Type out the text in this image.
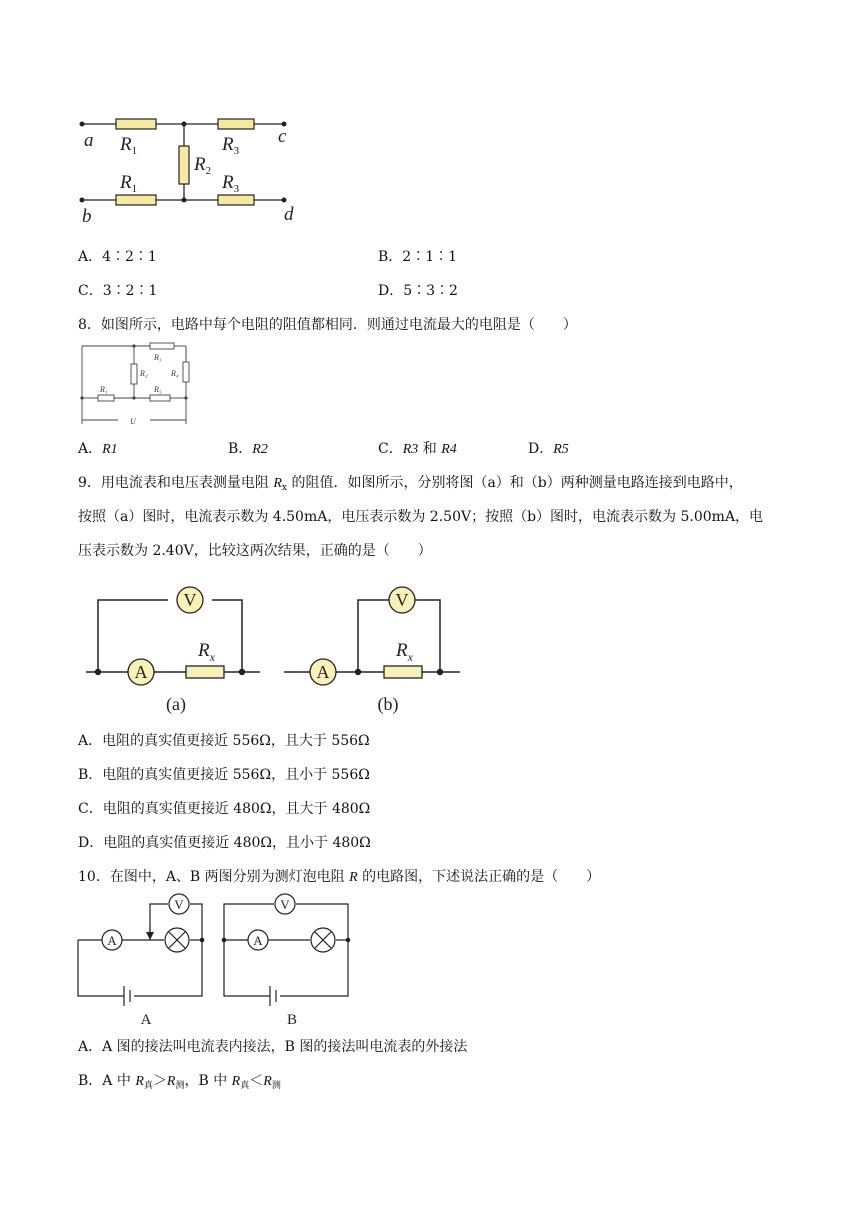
a
b
c
d
$R_1$
$R_1$
$R_2$
$R_3$
$R_3$
A．4∶2∶1	B．2∶1∶1
C．3∶2∶1	D．5∶3∶2
8．如图所示，电路中每个电阻的阻值都相同．则通过电流最大的电阻是（　　）
R₃
R₂	R₄
R₁	R₅
U
A．R1	B．R2	C．R3 和 R4	D．R5
9．用电流表和电压表测量电阻 $R_x$ 的阻值．如图所示，分别将图（a）和（b）两种测量电路连接到电路中，
按照（a）图时，电流表示数为 4.50mA，电压表示数为 2.50V；按照（b）图时，电流表示数为 5.00mA，电
压表示数为 2.40V，比较这两次结果，正确的是（　　）
V
A	A
V
(a)	(b)
$R_x$	$R_x$
A．电阻的真实值更接近 556Ω，且大于 556Ω
B．电阻的真实值更接近 556Ω，且小于 556Ω
C．电阻的真实值更接近 480Ω，且大于 480Ω
D．电阻的真实值更接近 480Ω，且小于 480Ω
10．在图中，A、B 两图分别为测灯泡电阻 R 的电路图，下述说法正确的是（　　）
A
V
A
V
A	B
A．A 图的接法叫电流表内接法，B 图的接法叫电流表的外接法
B．A 中 $R_真>R_测$，B 中 $R_真<R_测$
